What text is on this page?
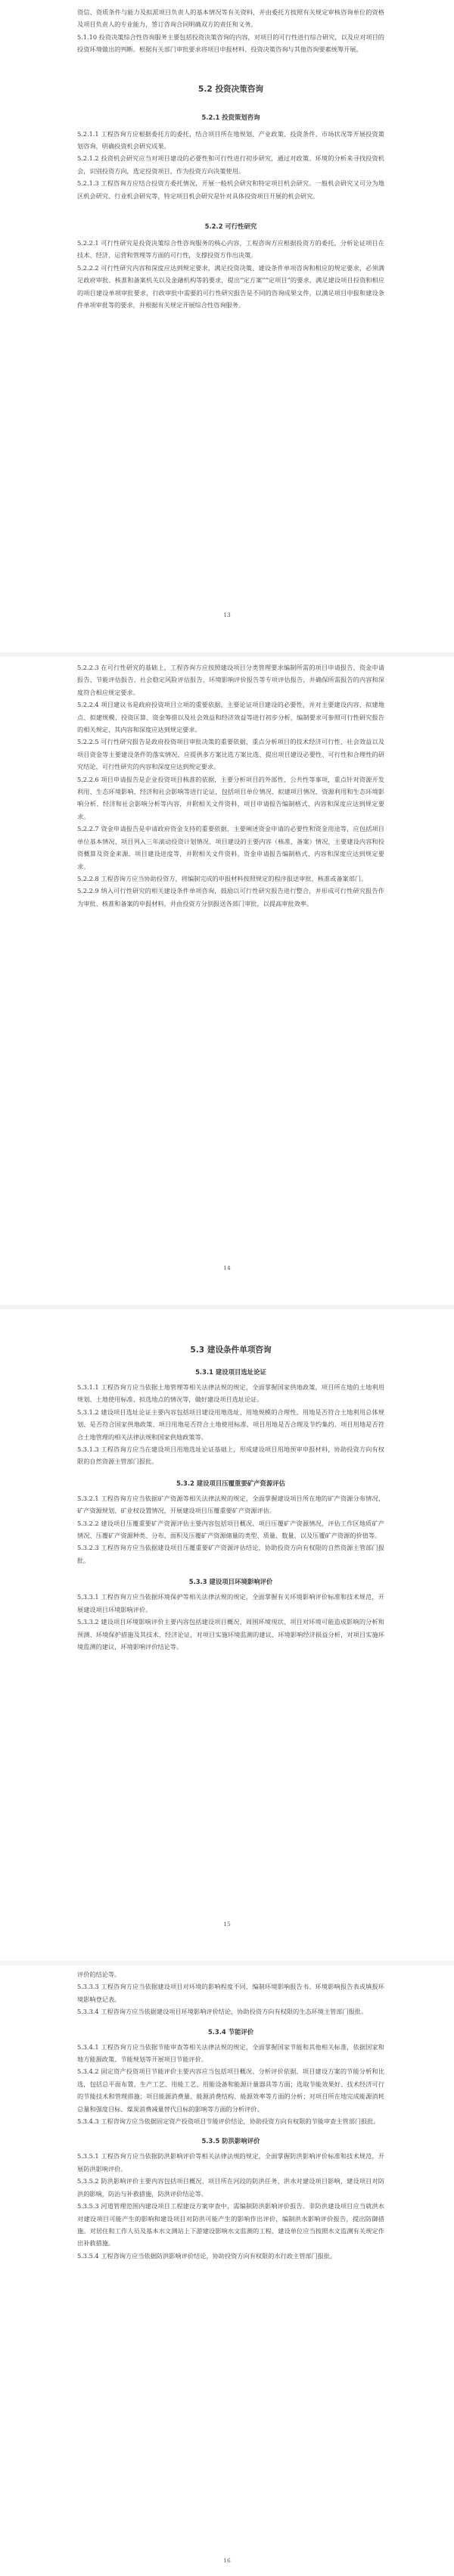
资信、资质条件与能力及拟派项目负责人的基本情况等有关资料，并由委托方按照有关规定审核咨询单位的资格及项目负责人的专业能力，签订咨询合同明确双方的责任和义务。

5.1.10 投资决策综合性咨询服务主要包括投资决策咨询的内容，对项目的可行性进行综合研究，以及应对项目的投资环境做出的判断。根据有关部门审批要求将项目申报材料、投资决策咨询与其他咨询要素统筹开展。

5.2 投资决策咨询

5.2.1 投资策划咨询

5.2.1.1 工程咨询方应根据委托方的委托，结合项目所在地规划、产业政策、投资条件、市场状况等开展投资策划咨询，明确投资机会研究成果。

5.2.1.2 投资机会研究应当对项目建设的必要性和可行性进行初步研究，通过对政策、环境的分析来寻找投资机会，识别投资方向，选定投资项目，作为投资方向决策使用。

5.2.1.3 工程咨询方应结合投资方委托情况，开展一般机会研究和特定项目机会研究。一般机会研究又可分为地区机会研究、行业机会研究等，特定项目机会研究是针对具体投资项目开展的机会研究。

5.2.2 可行性研究

5.2.2.1 可行性研究是投资决策综合性咨询服务的核心内容，工程咨询方应根据投资方的委托，分析论证项目在技术、经济、运营和管理等方面的可行性，支撑投资方作出决策。

5.2.2.2 可行性研究内容和深度应达到规定要求，满足投资决策、建设条件单项咨询和相应的规定要求，必须满足政府审批、核准和备案机关以及金融机构等的要求，提出“定方案”“定项目”的要求，满足建设项目投资和相应的项目建设单项审批要求，行政审批中需要的可行性研究报告是不同的咨询成果文件，以满足项目申报和建设条件单项审批等的要求，并根据有关规定开展综合性咨询服务。

13

5.2.2.3 在可行性研究的基础上，工程咨询方应按照建设项目分类管理要求编制所需的项目申请报告、资金申请报告、节能评估报告、社会稳定风险评估报告、环境影响评价报告等专项评估报告，并确保所需报告的内容和深度符合相应规定要求。

5.2.2.4 项目建议书是政府投资项目立项的重要依据，主要论证项目建设的必要性，并对主要建设内容、拟建地点、拟建规模、投资匡算、资金筹措以及社会效益和经济效益等进行初步分析，编制要求可参照可行性研究报告的相关规定，其内容和深度应达到规定要求。

5.2.2.5 可行性研究报告是政府投资项目审批决策的重要依据，重点分析项目的技术经济可行性、社会效益以及项目资金等主要建设条件的落实情况，应提供多方案比选方案比选、提出项目建设必要性、可行性和合理性的研究结论，可行性研究的内容和深度应达到规定要求。

5.2.2.6 项目申请报告是企业投资项目核准的依据，主要分析项目的外部性、公共性等事项，重点针对资源开发利用、生态环境影响、经济和社会影响等进行论证，包括项目单位情况、拟建项目情况、资源利用和生态环境影响分析、经济和社会影响分析等内容，并附相关文件资料，项目申请报告编制格式、内容和深度应达到规定要求。

5.2.2.7 资金申请报告是申请政府资金支持的重要依据，主要阐述资金申请的必要性和资金用途等，应包括项目单位基本情况、项目列入三年滚动投资计划情况、项目建设的主要内容（核准、备案）情况，主要建设内容和投资概算及资金来源、项目建设进度等，并附相关文件资料，资金申请报告编制格式、内容和深度应达到规定要求。

5.2.2.8 工程咨询方应当协助投资方，将编制完成的申报材料按照规定的程序报送审批、核准或备案部门。

5.2.2.9 纳入可行性研究的相关建设条件单项咨询，鼓励以可行性研究报告进行整合，并形成可行性研究报告作为审批、核准和备案的申报材料，并由投资方分别报送各部门审批，以提高审批效率。

14

5.3 建设条件单项咨询

5.3.1 建设项目选址论证

5.3.1.1 工程咨询方应当依据土地管理等相关法律法规的规定，全面掌握国家供地政策，项目所在地的土地利用规划、土地使用标准、拟选地点的情况等，做好建设项目选址论证。

5.3.1.2 建设项目选址论证主要内容包括项目建设用地选址、用地规模的合理性、用地是否符合土地利用总体规划、是否符合国家供地政策、项目用地是否符合土地使用标准、项目用地是否合理及节约集约、项目用地是否符合土地管理的相关法律法规和国家供地政策等。

5.3.1.3 工程咨询方应当在建设项目用地选址论证基础上，形成建设项目用地预审申报材料，协助投资方向有权限的自然资源主管部门报批。

5.3.2 建设项目压覆重要矿产资源评估

5.3.2.1 工程咨询方应当依据矿产资源等相关法律法规的规定，全面掌握建设项目所在地的矿产资源分布情况、矿产资源规划、矿业权设置情况，开展建设项目压覆重要矿产资源评估。

5.3.2.2 建设项目压覆重要矿产资源评估主要内容包括项目概况、项目压覆矿产资源情况，评估工作区地质矿产情况、压覆矿产资源种类、分布、面积及压覆矿产资源储量的类型、质量、数量，以及压覆矿产资源的价值等。

5.3.2.3 工程咨询方应当依据建设项目压覆重要矿产资源评估结论，协助投资方向有权限的自然资源主管部门报批。

5.3.3 建设项目环境影响评价

5.3.3.1 工程咨询方应当依据环境保护等相关法律法规的规定，全面掌握有关环境影响评价标准和技术规范，开展建设项目环境影响评价。

5.3.3.2 建设项目环境影响评价主要内容包括建设项目概况、周围环境现状、项目对环境可能造成影响的分析和预测、环境保护措施及其技术、经济论证，对项目实施环境监测的建议、环境影响经济损益分析，对项目实施环境监测的建议，环境影响评价结论等。

15

评价的结论等。

5.3.3.3 工程咨询方应当依据建设项目对环境的影响程度不同，编制环境影响报告书、环境影响报告表或填报环境影响登记表。

5.3.3.4 工程咨询方应当依据建设项目环境影响评价结论，协助投资方向有权限的生态环境主管部门报批。

5.3.4 节能评价

5.3.4.1 工程咨询方应当依据节能审查等相关法律法规的规定，全面掌握国家节能和其他相关标准，依据国家和地方能源政策、节能规划等开展项目节能评价。

5.3.4.2 固定资产投资项目节能评价主要内容应当包括项目概况、分析评价依据、项目建设方案的节能分析和比选，包括总平面布置、生产工艺、用能工艺、用能设备和能源计量器具等方面；选取节能效果好、技术经济可行的节能技术和管理措施；项目能源消费量、能源消费结构、能源效率等方面的分析；对项目所在地完成能源消耗总量和强度目标、煤炭消费减量替代目标的影响等方面的分析评价。

5.3.4.3 工程咨询方应当依据固定资产投资项目节能评价结论，协助投资方向有权限的节能审查主管部门报批。

5.3.5 防洪影响评价

5.3.5.1 工程咨询方应当依据防洪影响评价等相关法律法规的规定，全面掌握防洪影响评价标准和技术规范，开展防洪影响评价。

5.3.5.2 防洪影响评价主要内容包括项目概况、项目所在河段的防洪任务、洪水对建设项目影响，建设项目对防洪的影响，防治与补救措施，防洪评价结论等。

5.3.5.3 河道管理范围内建设项目工程建设方案审查中，需编制防洪影响评价报告。非防洪建设项目应当就洪水对建设项目可能产生的影响和建设项目对防洪可能产生的影响作出评价，编制洪水影响评价报告，提出防御措施。对居住和工作人员及基本水文测站上下游建设影响水文监测的工程，建设单位应当按照水文监测有关规定作出补救措施。

5.3.5.4 工程咨询方应当依据防洪影响评价结论，协助投资方向有权限的水行政主管部门报批。

16
